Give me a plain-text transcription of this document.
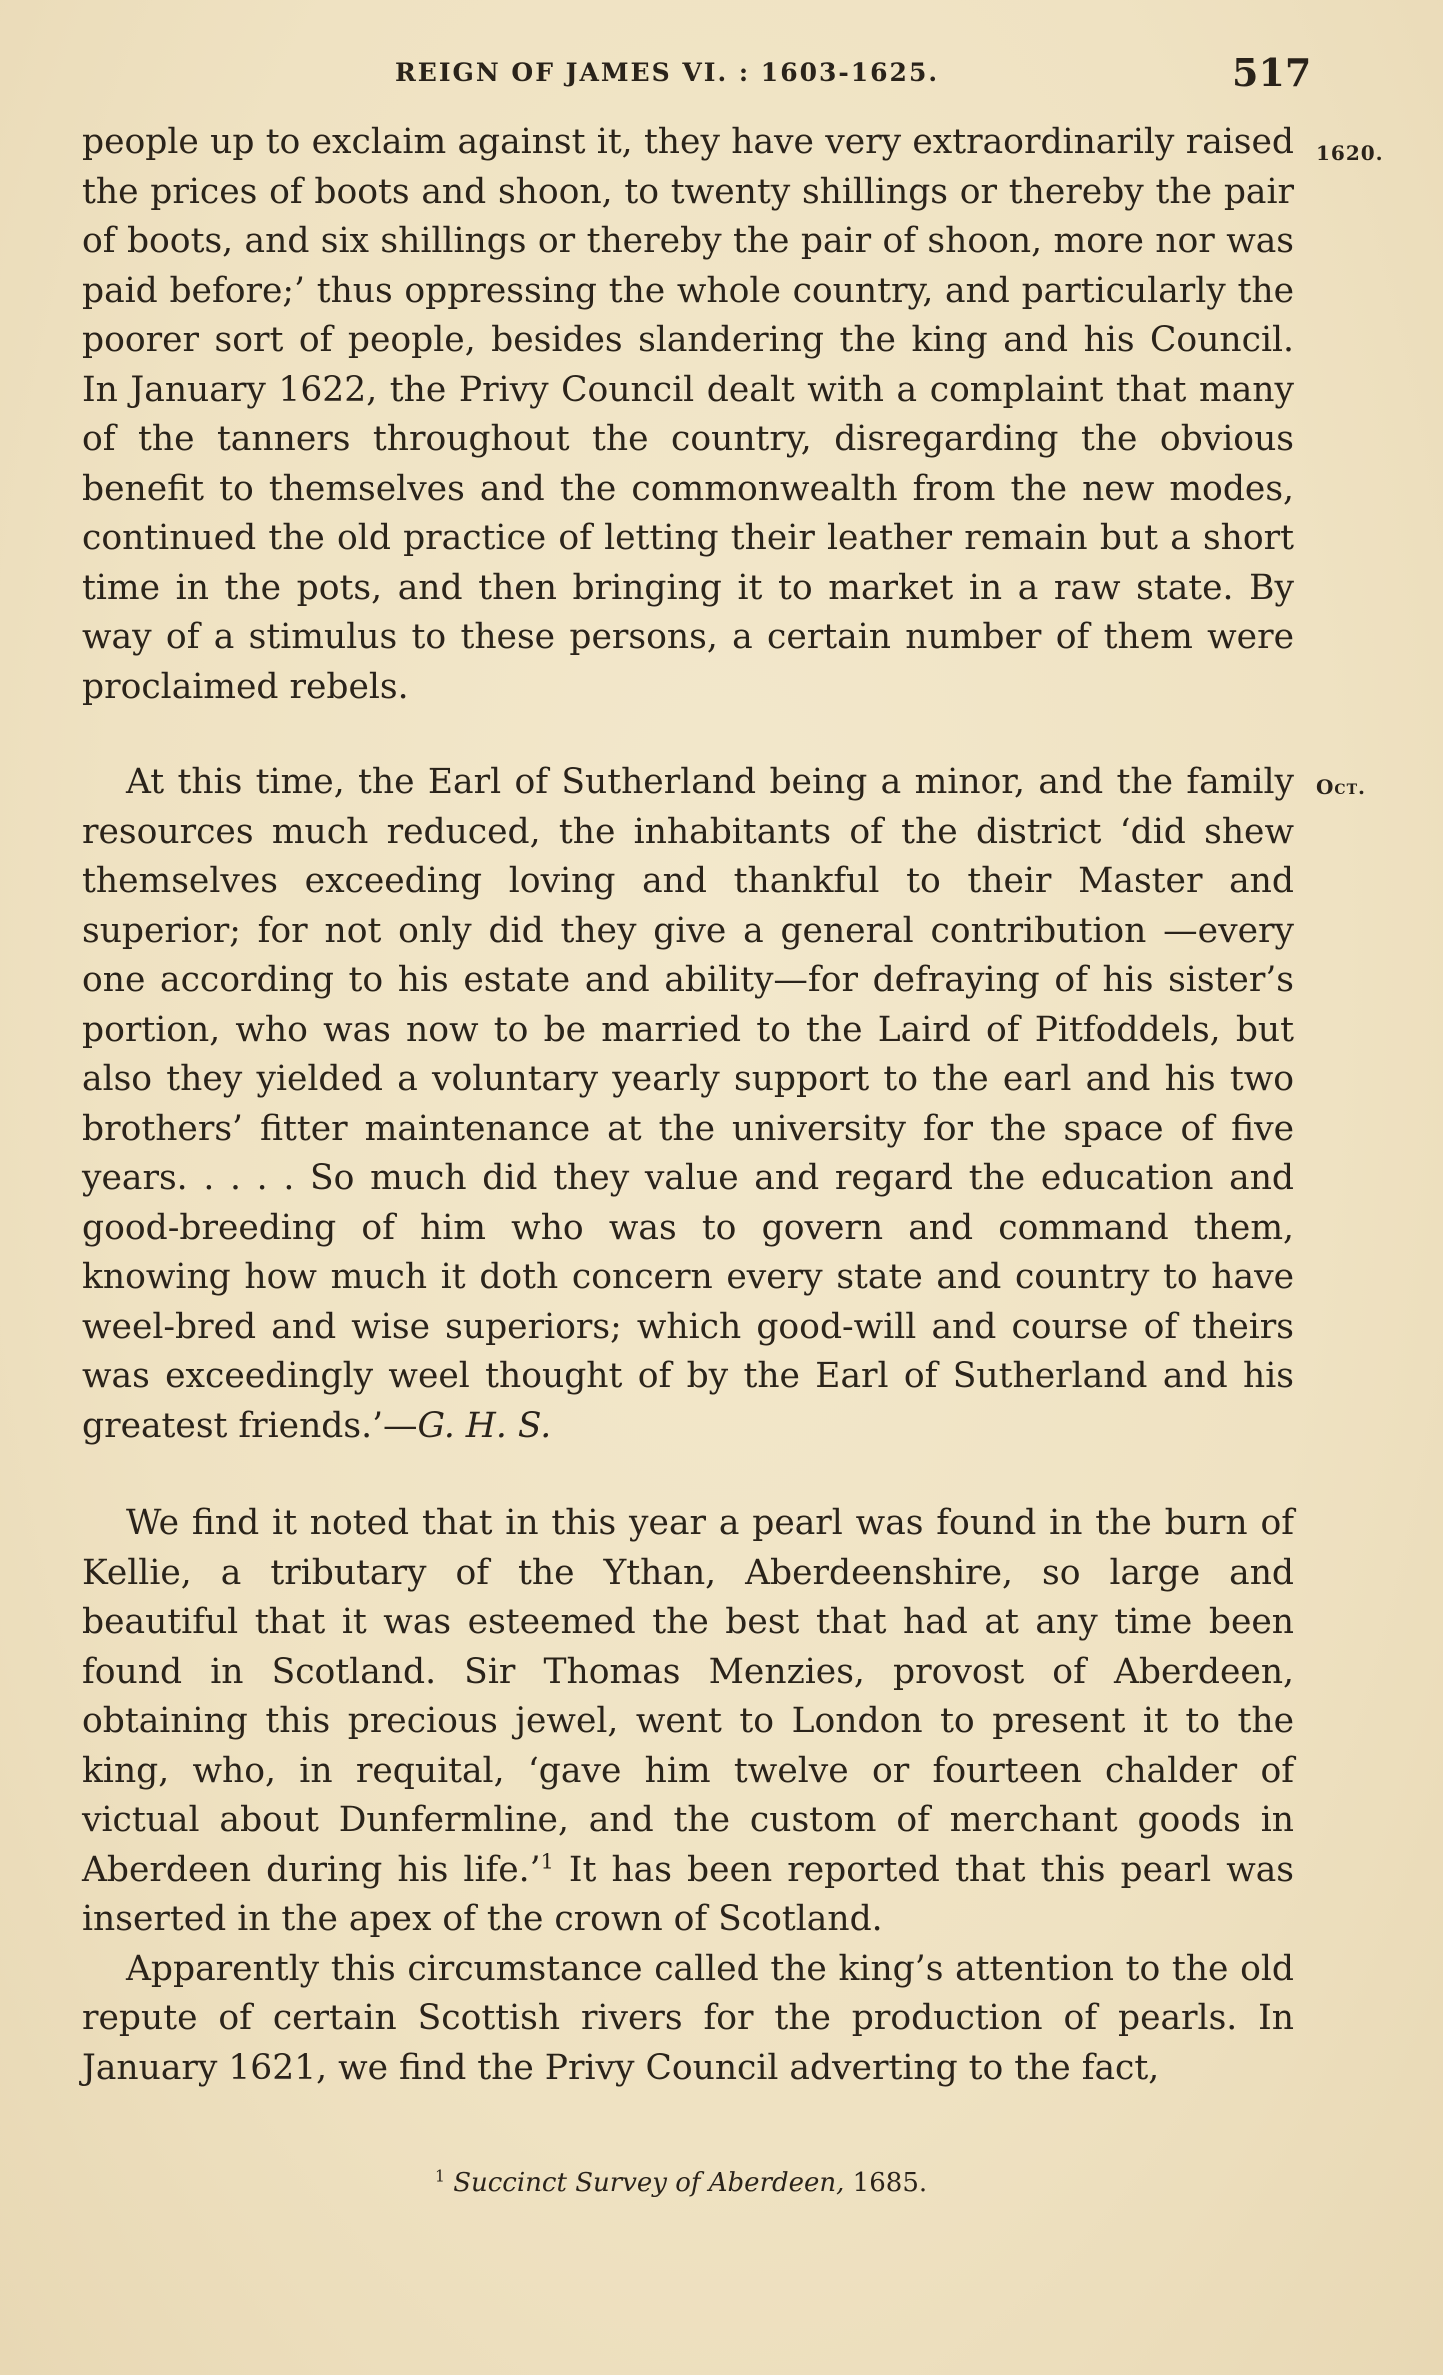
REIGN OF JAMES VI. : 1603-1625.	517
1620.
Oct.

people up to exclaim against it, they have very extraordinarily raised the prices of boots and shoon, to twenty shillings or thereby the pair of boots, and six shillings or thereby the pair of shoon, more nor was paid before;’ thus oppressing the whole country, and particularly the poorer sort of people, besides slandering the king and his Council. In January 1622, the Privy Council dealt with a complaint that many of the tanners throughout the country, disregarding the obvious benefit to themselves and the commonwealth from the new modes, continued the old practice of letting their leather remain but a short time in the pots, and then bringing it to market in a raw state. By way of a stimulus to these persons, a certain number of them were proclaimed rebels.

At this time, the Earl of Sutherland being a minor, and the family resources much reduced, the inhabitants of the district ‘did shew themselves exceeding loving and thankful to their Master and superior; for not only did they give a general contribution —every one according to his estate and ability—for defraying of his sister’s portion, who was now to be married to the Laird of Pitfoddels, but also they yielded a voluntary yearly support to the earl and his two brothers’ fitter maintenance at the university for the space of five years. . . . . So much did they value and regard the education and good-breeding of him who was to govern and command them, knowing how much it doth concern every state and country to have weel-bred and wise superiors; which good-will and course of theirs was exceedingly weel thought of by the Earl of Sutherland and his greatest friends.’—G. H. S.

We find it noted that in this year a pearl was found in the burn of Kellie, a tributary of the Ythan, Aberdeenshire, so large and beautiful that it was esteemed the best that had at any time been found in Scotland. Sir Thomas Menzies, provost of Aberdeen, obtaining this precious jewel, went to London to present it to the king, who, in requital, ‘gave him twelve or fourteen chalder of victual about Dunfermline, and the custom of merchant goods in Aberdeen during his life.’$^1$ It has been reported that this pearl was inserted in the apex of the crown of Scotland.

Apparently this circumstance called the king’s attention to the old repute of certain Scottish rivers for the production of pearls. In January 1621, we find the Privy Council adverting to the fact,

$^1$ Succinct Survey of Aberdeen, 1685.
